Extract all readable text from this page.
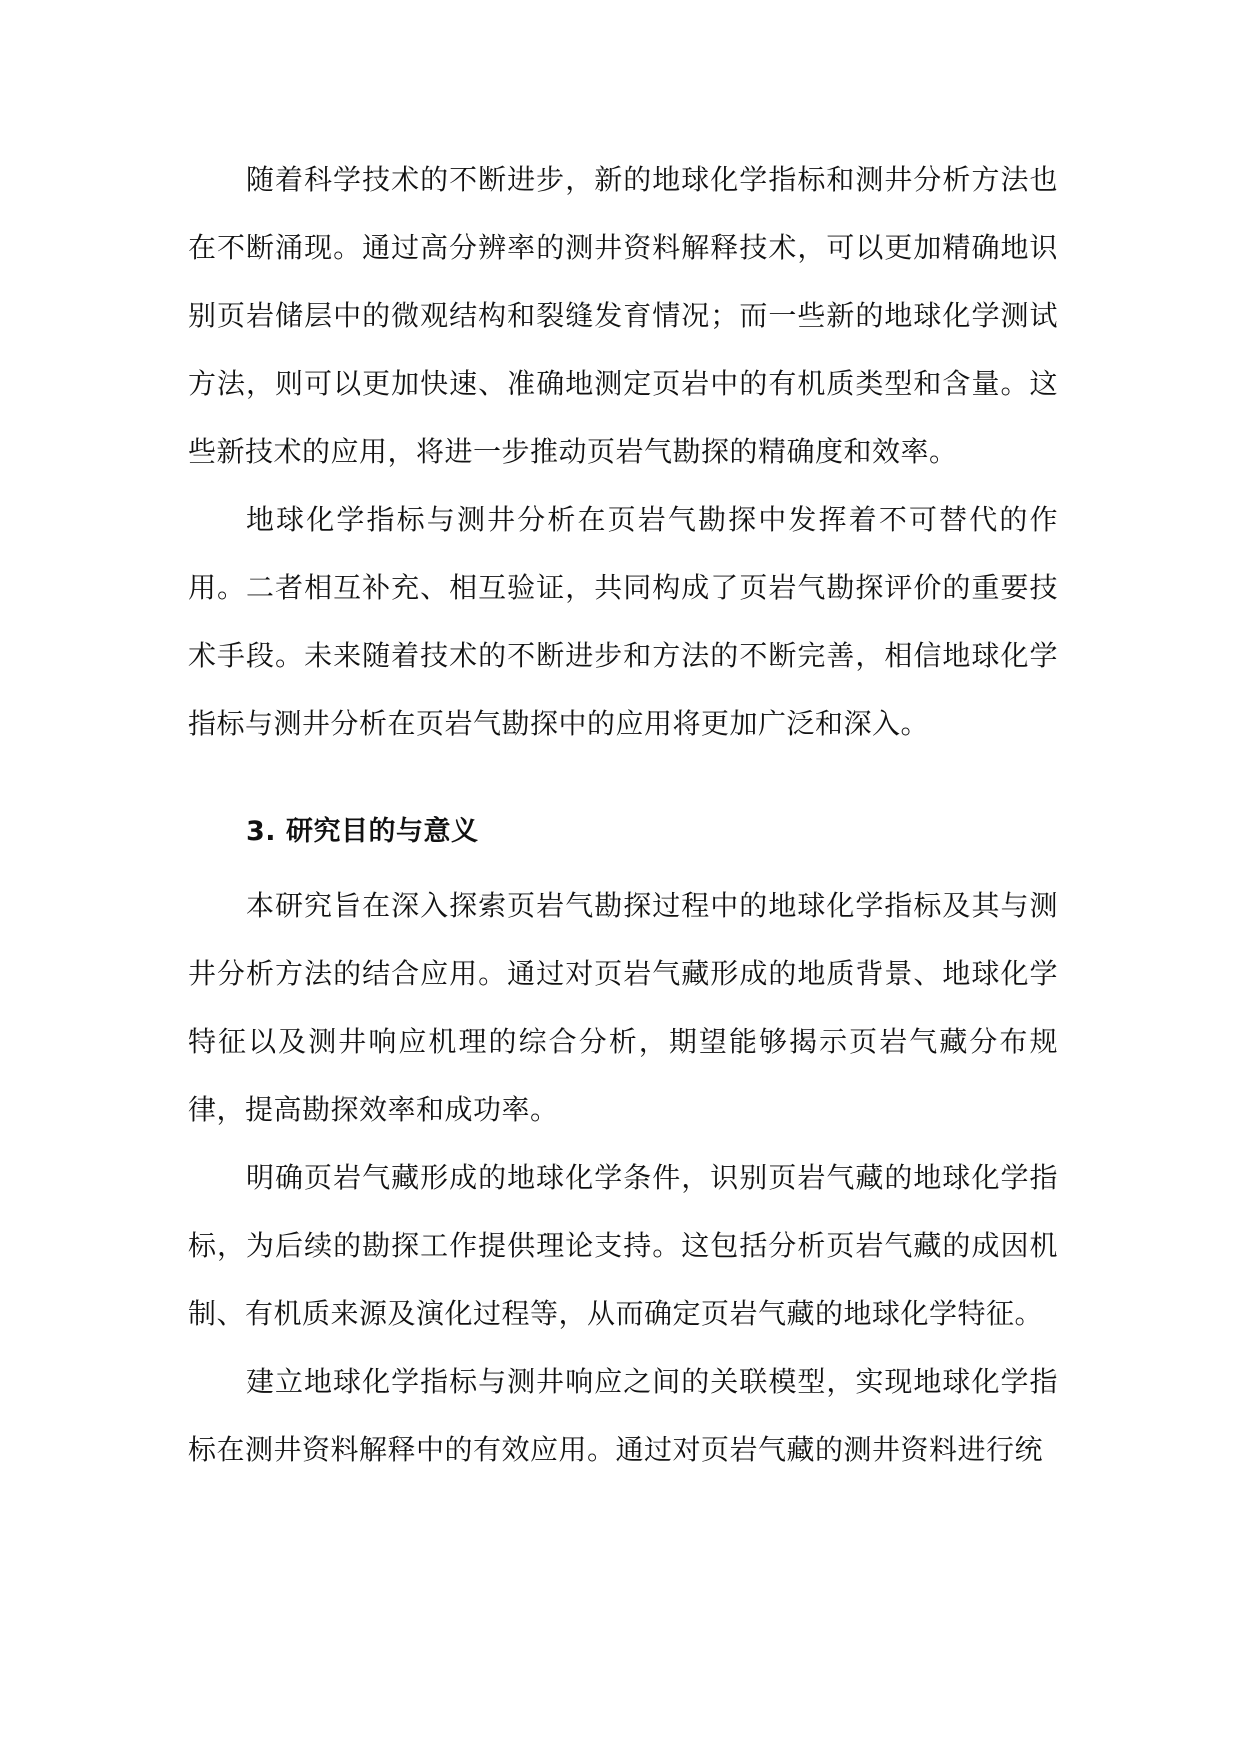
随着科学技术的不断进步，新的地球化学指标和测井分析方法也在不断涌现。通过高分辨率的测井资料解释技术，可以更加精确地识别页岩储层中的微观结构和裂缝发育情况；而一些新的地球化学测试方法，则可以更加快速、准确地测定页岩中的有机质类型和含量。这些新技术的应用，将进一步推动页岩气勘探的精确度和效率。

地球化学指标与测井分析在页岩气勘探中发挥着不可替代的作用。二者相互补充、相互验证，共同构成了页岩气勘探评价的重要技术手段。未来随着技术的不断进步和方法的不断完善，相信地球化学指标与测井分析在页岩气勘探中的应用将更加广泛和深入。

3. 研究目的与意义

本研究旨在深入探索页岩气勘探过程中的地球化学指标及其与测井分析方法的结合应用。通过对页岩气藏形成的地质背景、地球化学特征以及测井响应机理的综合分析，期望能够揭示页岩气藏分布规律，提高勘探效率和成功率。

明确页岩气藏形成的地球化学条件，识别页岩气藏的地球化学指标，为后续的勘探工作提供理论支持。这包括分析页岩气藏的成因机制、有机质来源及演化过程等，从而确定页岩气藏的地球化学特征。

建立地球化学指标与测井响应之间的关联模型，实现地球化学指标在测井资料解释中的有效应用。通过对页岩气藏的测井资料进行统
